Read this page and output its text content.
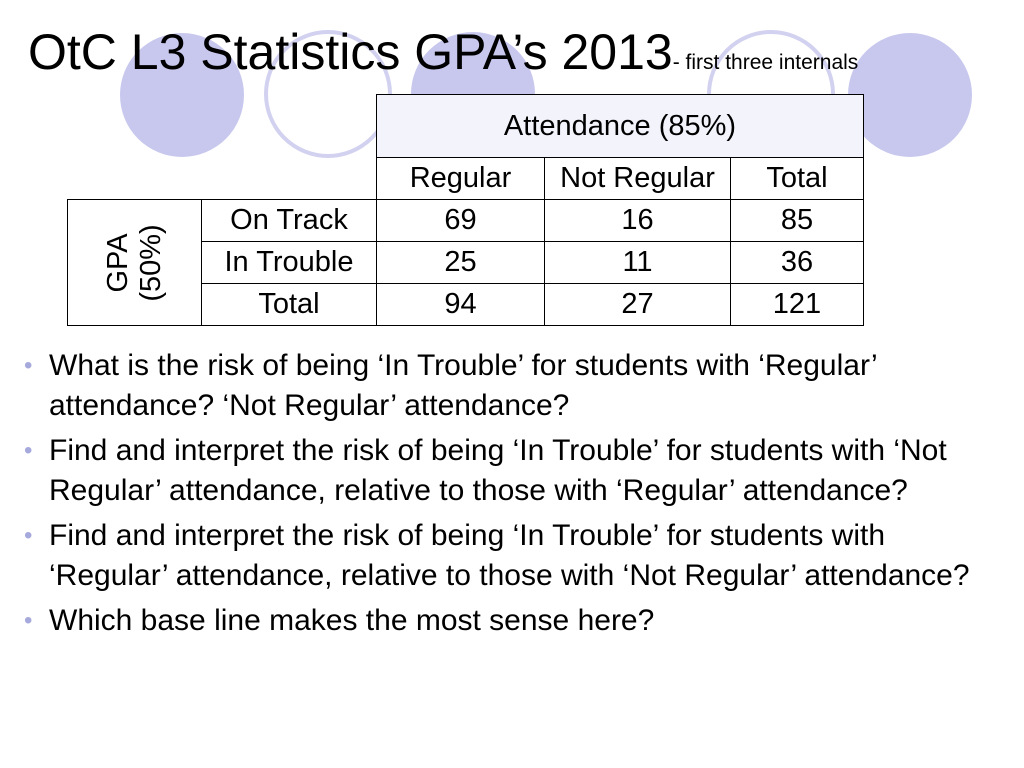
OtC L3 Statistics GPA’s 2013- first three internals
		Attendance (85%)		
		Regular	Not Regular	Total

GPA (50%)	On Track	69	16	85
	In Trouble	25	11	36
	Total	94	27	121
• What is the risk of being ‘In Trouble’ for students with ‘Regular’ attendance? ‘Not Regular’ attendance?
• Find and interpret the risk of being ‘In Trouble’ for students with ‘Not Regular’ attendance, relative to those with ‘Regular’ attendance?
• Find and interpret the risk of being ‘In Trouble’ for students with ‘Regular’ attendance, relative to those with ‘Not Regular’ attendance?
• Which base line makes the most sense here?
